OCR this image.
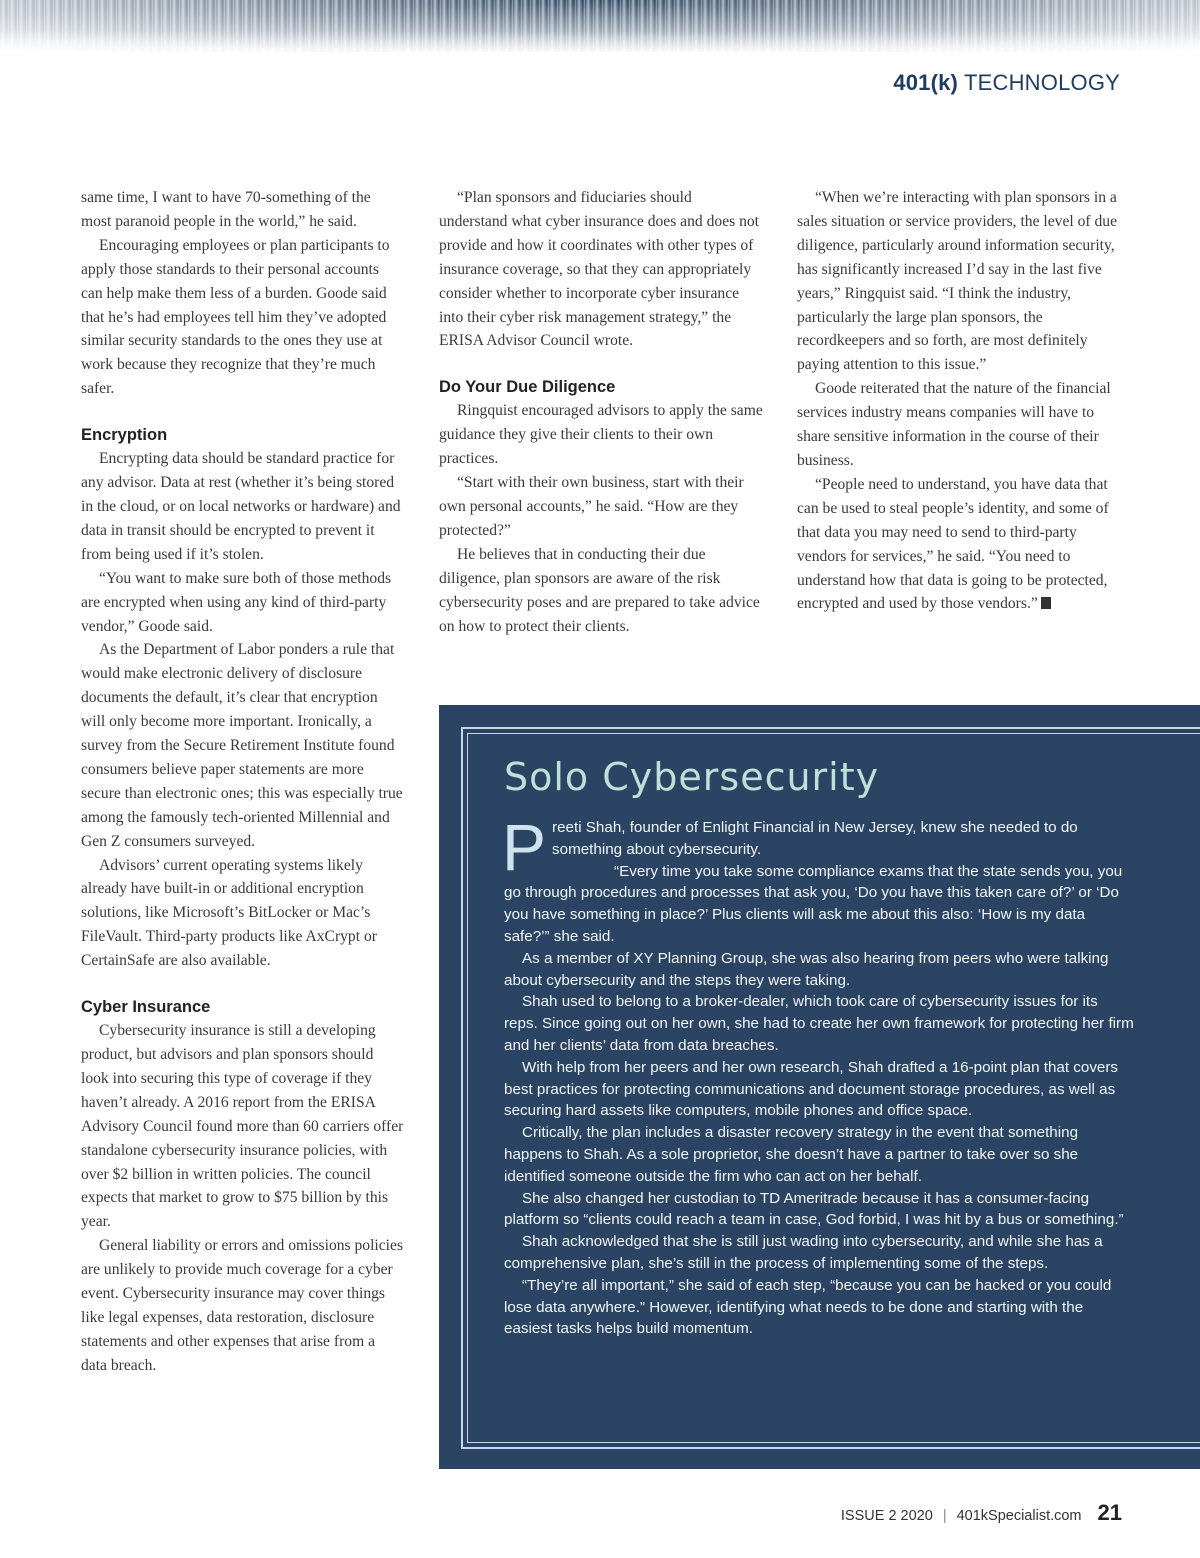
401(k) TECHNOLOGY

same time, I want to have 70-something of the most paranoid people in the world,” he said.

Encouraging employees or plan participants to apply those standards to their personal accounts can help make them less of a burden. Goode said that he’s had employees tell him they’ve adopted similar security standards to the ones they use at work because they recognize that they’re much safer.

Encryption

Encrypting data should be standard practice for any advisor. Data at rest (whether it’s being stored in the cloud, or on local networks or hardware) and data in transit should be encrypted to prevent it from being used if it’s stolen.

“You want to make sure both of those methods are encrypted when using any kind of third-party vendor,” Goode said.

As the Department of Labor ponders a rule that would make electronic delivery of disclosure documents the default, it’s clear that encryption will only become more important. Ironically, a survey from the Secure Retirement Institute found consumers believe paper statements are more secure than electronic ones; this was especially true among the famously tech-oriented Millennial and Gen Z consumers surveyed.

Advisors’ current operating systems likely already have built-in or additional encryption solutions, like Microsoft’s BitLocker or Mac’s FileVault. Third-party products like AxCrypt or CertainSafe are also available.

Cyber Insurance

Cybersecurity insurance is still a developing product, but advisors and plan sponsors should look into securing this type of coverage if they haven’t already. A 2016 report from the ERISA Advisory Council found more than 60 carriers offer standalone cybersecurity insurance policies, with over $2 billion in written policies. The council expects that market to grow to $75 billion by this year.

General liability or errors and omissions policies are unlikely to provide much coverage for a cyber event. Cybersecurity insurance may cover things like legal expenses, data restoration, disclosure statements and other expenses that arise from a data breach.

“Plan sponsors and fiduciaries should understand what cyber insurance does and does not provide and how it coordinates with other types of insurance coverage, so that they can appropriately consider whether to incorporate cyber insurance into their cyber risk management strategy,” the ERISA Advisor Council wrote.

Do Your Due Diligence

Ringquist encouraged advisors to apply the same guidance they give their clients to their own practices.

“Start with their own business, start with their own personal accounts,” he said. “How are they protected?”

He believes that in conducting their due diligence, plan sponsors are aware of the risk cybersecurity poses and are prepared to take advice on how to protect their clients.

“When we’re interacting with plan sponsors in a sales situation or service providers, the level of due diligence, particularly around information security, has significantly increased I’d say in the last five years,” Ringquist said. “I think the industry, particularly the large plan sponsors, the recordkeepers and so forth, are most definitely paying attention to this issue.”

Goode reiterated that the nature of the financial services industry means companies will have to share sensitive information in the course of their business.

“People need to understand, you have data that can be used to steal people’s identity, and some of that data you may need to send to third-party vendors for services,” he said. “You need to understand how that data is going to be protected, encrypted and used by those vendors.”

Solo Cybersecurity
P reeti Shah, founder of Enlight Financial in New Jersey, knew she needed to do something about cybersecurity.

“Every time you take some compliance exams that the state sends you, you go through procedures and processes that ask you, ‘Do you have this taken care of?’ or ‘Do you have something in place?’ Plus clients will ask me about this also: ‘How is my data safe?’” she said.

As a member of XY Planning Group, she was also hearing from peers who were talking about cybersecurity and the steps they were taking.

Shah used to belong to a broker-dealer, which took care of cybersecurity issues for its reps. Since going out on her own, she had to create her own framework for protecting her firm and her clients’ data from data breaches.

With help from her peers and her own research, Shah drafted a 16-point plan that covers best practices for protecting communications and document storage procedures, as well as securing hard assets like computers, mobile phones and office space.

Critically, the plan includes a disaster recovery strategy in the event that something happens to Shah. As a sole proprietor, she doesn’t have a partner to take over so she identified someone outside the firm who can act on her behalf.

She also changed her custodian to TD Ameritrade because it has a consumer-facing platform so “clients could reach a team in case, God forbid, I was hit by a bus or something.”

Shah acknowledged that she is still just wading into cybersecurity, and while she has a comprehensive plan, she’s still in the process of implementing some of the steps.

“They’re all important,” she said of each step, “because you can be hacked or you could lose data anywhere.” However, identifying what needs to be done and starting with the easiest tasks helps build momentum.

ISSUE 2 2020 | 401kSpecialist.com 21
